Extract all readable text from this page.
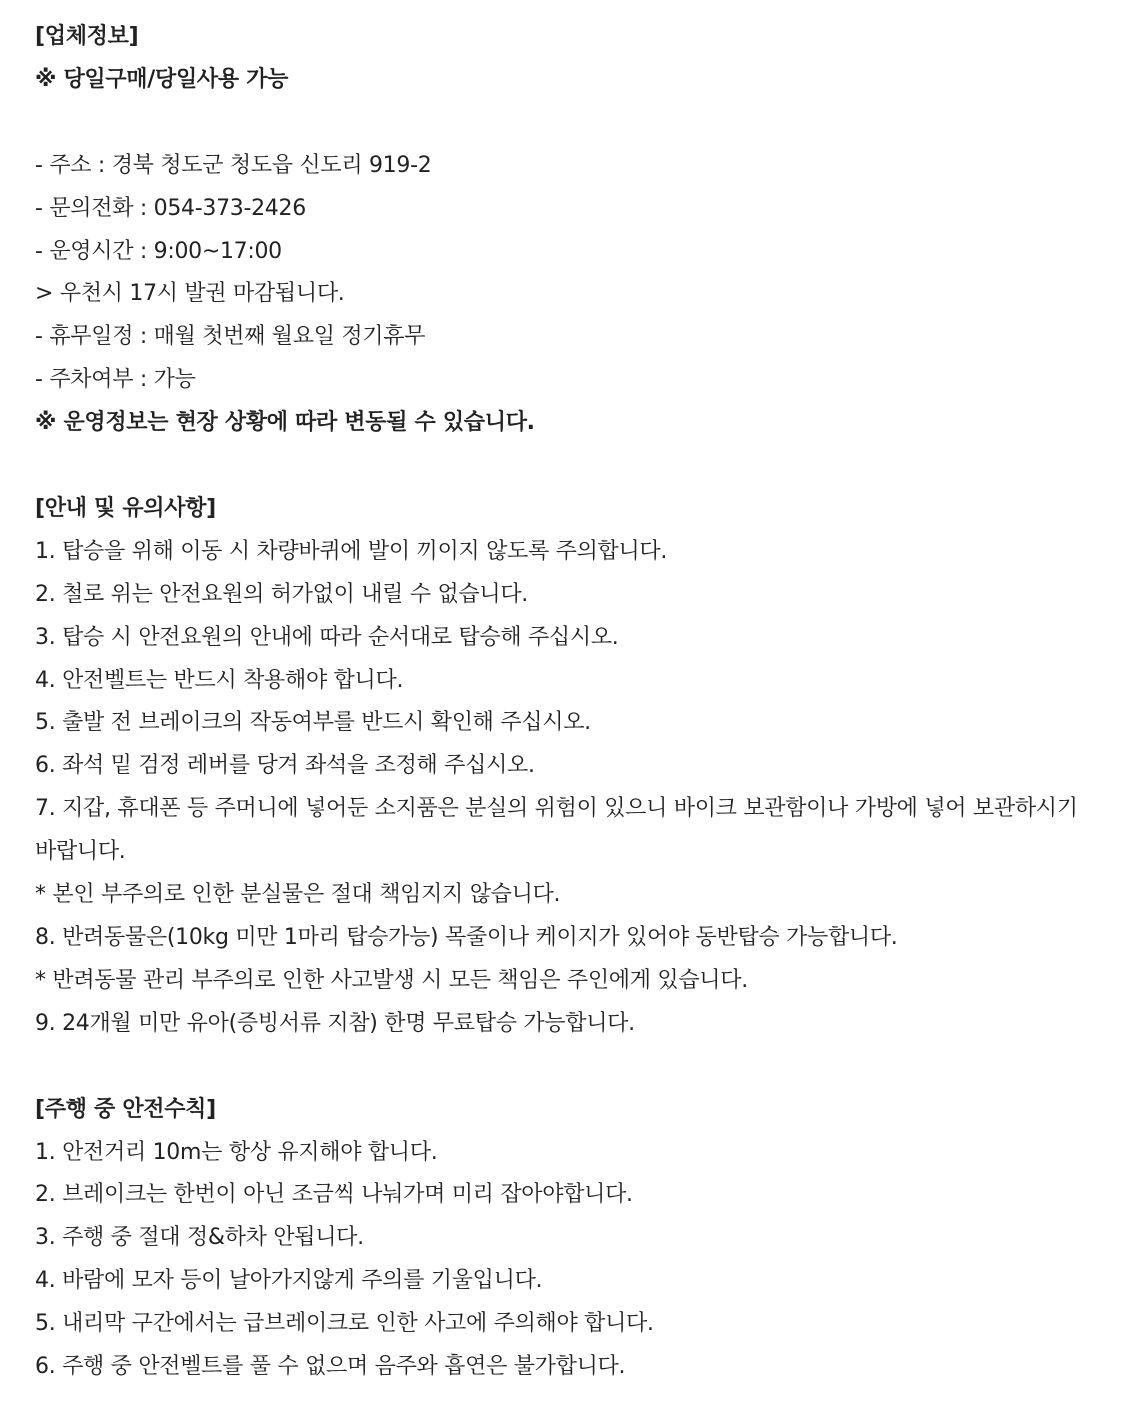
[업체정보]
※ 당일구매/당일사용 가능
- 주소 : 경북 청도군 청도읍 신도리 919-2
- 문의전화 : 054-373-2426
- 운영시간 : 9:00~17:00
> 우천시 17시 발권 마감됩니다.
- 휴무일정 : 매월 첫번째 월요일 정기휴무
- 주차여부 : 가능
※ 운영정보는 현장 상황에 따라 변동될 수 있습니다.
[안내 및 유의사항]
1. 탑승을 위해 이동 시 차량바퀴에 발이 끼이지 않도록 주의합니다.
2. 철로 위는 안전요원의 허가없이 내릴 수 없습니다.
3. 탑승 시 안전요원의 안내에 따라 순서대로 탑승해 주십시오.
4. 안전벨트는 반드시 착용해야 합니다.
5. 출발 전 브레이크의 작동여부를 반드시 확인해 주십시오.
6. 좌석 밑 검정 레버를 당겨 좌석을 조정해 주십시오.
7. 지갑, 휴대폰 등 주머니에 넣어둔 소지품은 분실의 위험이 있으니 바이크 보관함이나 가방에 넣어 보관하시기 바랍니다.
* 본인 부주의로 인한 분실물은 절대 책임지지 않습니다.
8. 반려동물은(10kg 미만 1마리 탑승가능) 목줄이나 케이지가 있어야 동반탑승 가능합니다.
* 반려동물 관리 부주의로 인한 사고발생 시 모든 책임은 주인에게 있습니다.
9. 24개월 미만 유아(증빙서류 지참) 한명 무료탑승 가능합니다.
[주행 중 안전수칙]
1. 안전거리 10m는 항상 유지해야 합니다.
2. 브레이크는 한번이 아닌 조금씩 나눠가며 미리 잡아야합니다.
3. 주행 중 절대 정&하차 안됩니다.
4. 바람에 모자 등이 날아가지않게 주의를 기울입니다.
5. 내리막 구간에서는 급브레이크로 인한 사고에 주의해야 합니다.
6. 주행 중 안전벨트를 풀 수 없으며 음주와 흡연은 불가합니다.
